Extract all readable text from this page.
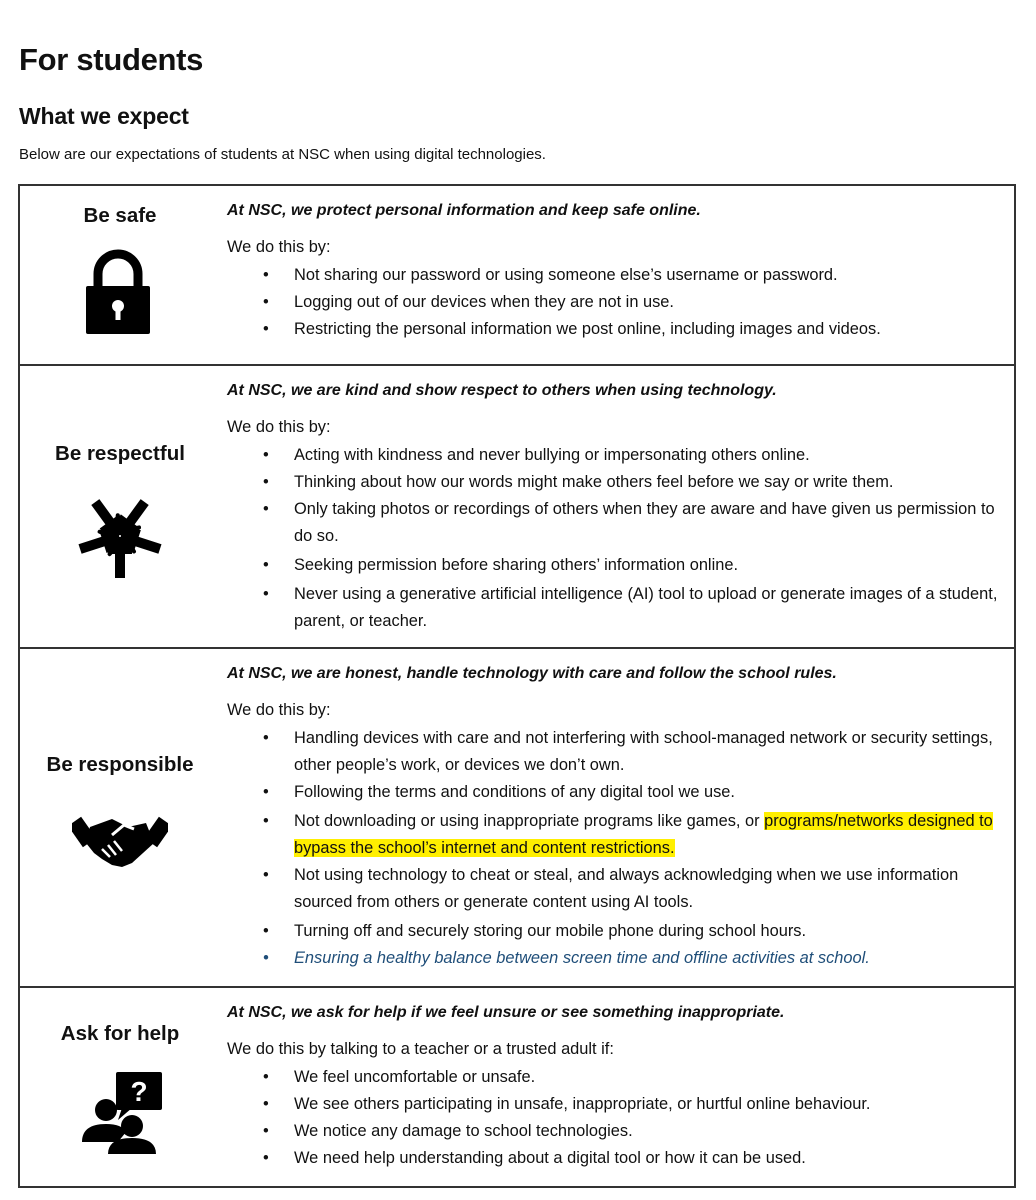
For students
What we expect

Below are our expectations of students at NSC when using digital technologies.

Be safe	At NSC, we protect personal information and keep safe online.

We do this by:

• Not sharing our password or using someone else’s username or password.
• Logging out of our devices when they are not in use.
• Restricting the personal information we post online, including images and videos.
Be respectful

At NSC, we are kind and show respect to others when using technology.

We do this by:

• Acting with kindness and never bullying or impersonating others online.
• Thinking about how our words might make others feel before we say or write them.
• Only taking photos or recordings of others when they are aware and have given us permission to do so.
• Seeking permission before sharing others’ information online.
• Never using a generative artificial intelligence (AI) tool to upload or generate images of a student, parent, or teacher.
Be responsible

At NSC, we are honest, handle technology with care and follow the school rules.

We do this by:

• Handling devices with care and not interfering with school-managed network or security settings, other people’s work, or devices we don’t own.
• Following the terms and conditions of any digital tool we use.
• Not downloading or using inappropriate programs like games, or programs/networks designed to bypass the school’s internet and content restrictions.
• Not using technology to cheat or steal, and always acknowledging when we use information sourced from others or generate content using AI tools.
• Turning off and securely storing our mobile phone during school hours.
• Ensuring a healthy balance between screen time and offline activities at school.
Ask for help
?

At NSC, we ask for help if we feel unsure or see something inappropriate.

We do this by talking to a teacher or a trusted adult if:

• We feel uncomfortable or unsafe.
• We see others participating in unsafe, inappropriate, or hurtful online behaviour.
• We notice any damage to school technologies.
• We need help understanding about a digital tool or how it can be used.
